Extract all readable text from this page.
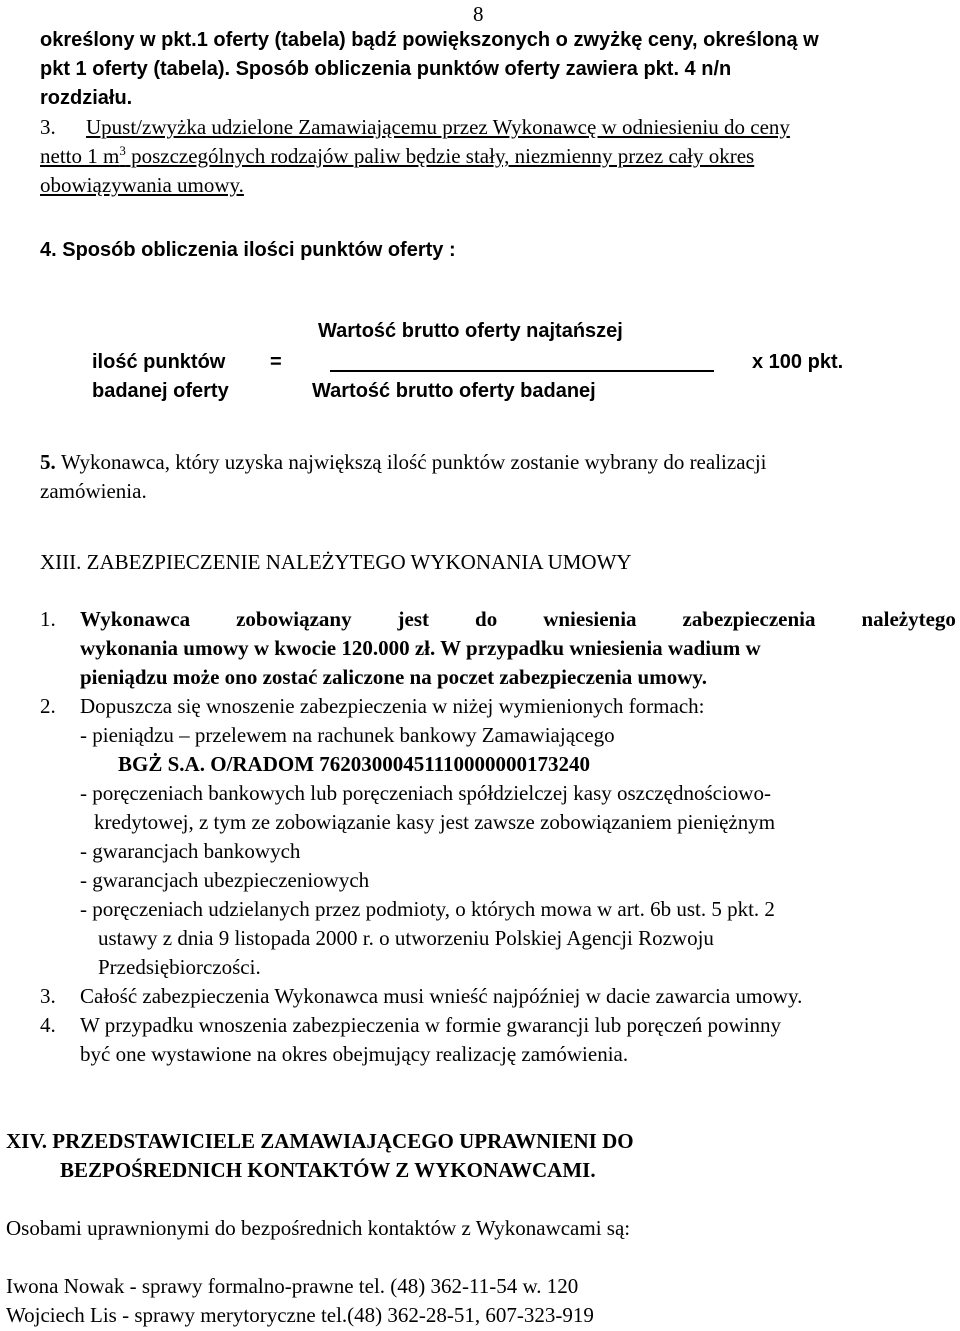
8
określony w pkt.1 oferty (tabela) bądź powiększonych o zwyżkę ceny, określoną w
pkt 1 oferty (tabela). Sposób obliczenia punktów oferty zawiera pkt. 4 n/n
rozdziału.
3. Upust/zwyżka udzielone Zamawiającemu przez Wykonawcę w odniesieniu do ceny
netto 1 $m^3$ poszczególnych rodzajów paliw będzie stały, niezmienny przez cały okres
obowiązywania umowy.
4. Sposób obliczenia ilości punktów oferty :
Wartość brutto oferty najtańszej
ilość punktów =	x 100 pkt.
badanej oferty	Wartość brutto oferty badanej
5. Wykonawca, który uzyska największą ilość punktów zostanie wybrany do realizacji
zamówienia.
XIII. ZABEZPIECZENIE NALEŻYTEGO WYKONANIA UMOWY
1. Wykonawca zobowiązany jest do wniesienia zabezpieczenia należytego
wykonania umowy w kwocie 120.000 zł. W przypadku wniesienia wadium w
pieniądzu może ono zostać zaliczone na poczet zabezpieczenia umowy.
2. Dopuszcza się wnoszenie zabezpieczenia w niżej wymienionych formach:
- pieniądzu – przelewem na rachunek bankowy Zamawiającego
BGŻ S.A. O/RADOM 76203000451110000000173240
- poręczeniach bankowych lub poręczeniach spółdzielczej kasy oszczędnościowo-
kredytowej, z tym ze zobowiązanie kasy jest zawsze zobowiązaniem pieniężnym
- gwarancjach bankowych
- gwarancjach ubezpieczeniowych
- poręczeniach udzielanych przez podmioty, o których mowa w art. 6b ust. 5 pkt. 2
ustawy z dnia 9 listopada 2000 r. o utworzeniu Polskiej Agencji Rozwoju
Przedsiębiorczości.
3. Całość zabezpieczenia Wykonawca musi wnieść najpóźniej w dacie zawarcia umowy.
4. W przypadku wnoszenia zabezpieczenia w formie gwarancji lub poręczeń powinny
być one wystawione na okres obejmujący realizację zamówienia.
XIV. PRZEDSTAWICIELE ZAMAWIAJĄCEGO UPRAWNIENI DO
BEZPOŚREDNICH KONTAKTÓW Z WYKONAWCAMI.
Osobami uprawnionymi do bezpośrednich kontaktów z Wykonawcami są:
Iwona Nowak - sprawy formalno-prawne tel. (48) 362-11-54 w. 120
Wojciech Lis - sprawy merytoryczne tel.(48) 362-28-51, 607-323-919
